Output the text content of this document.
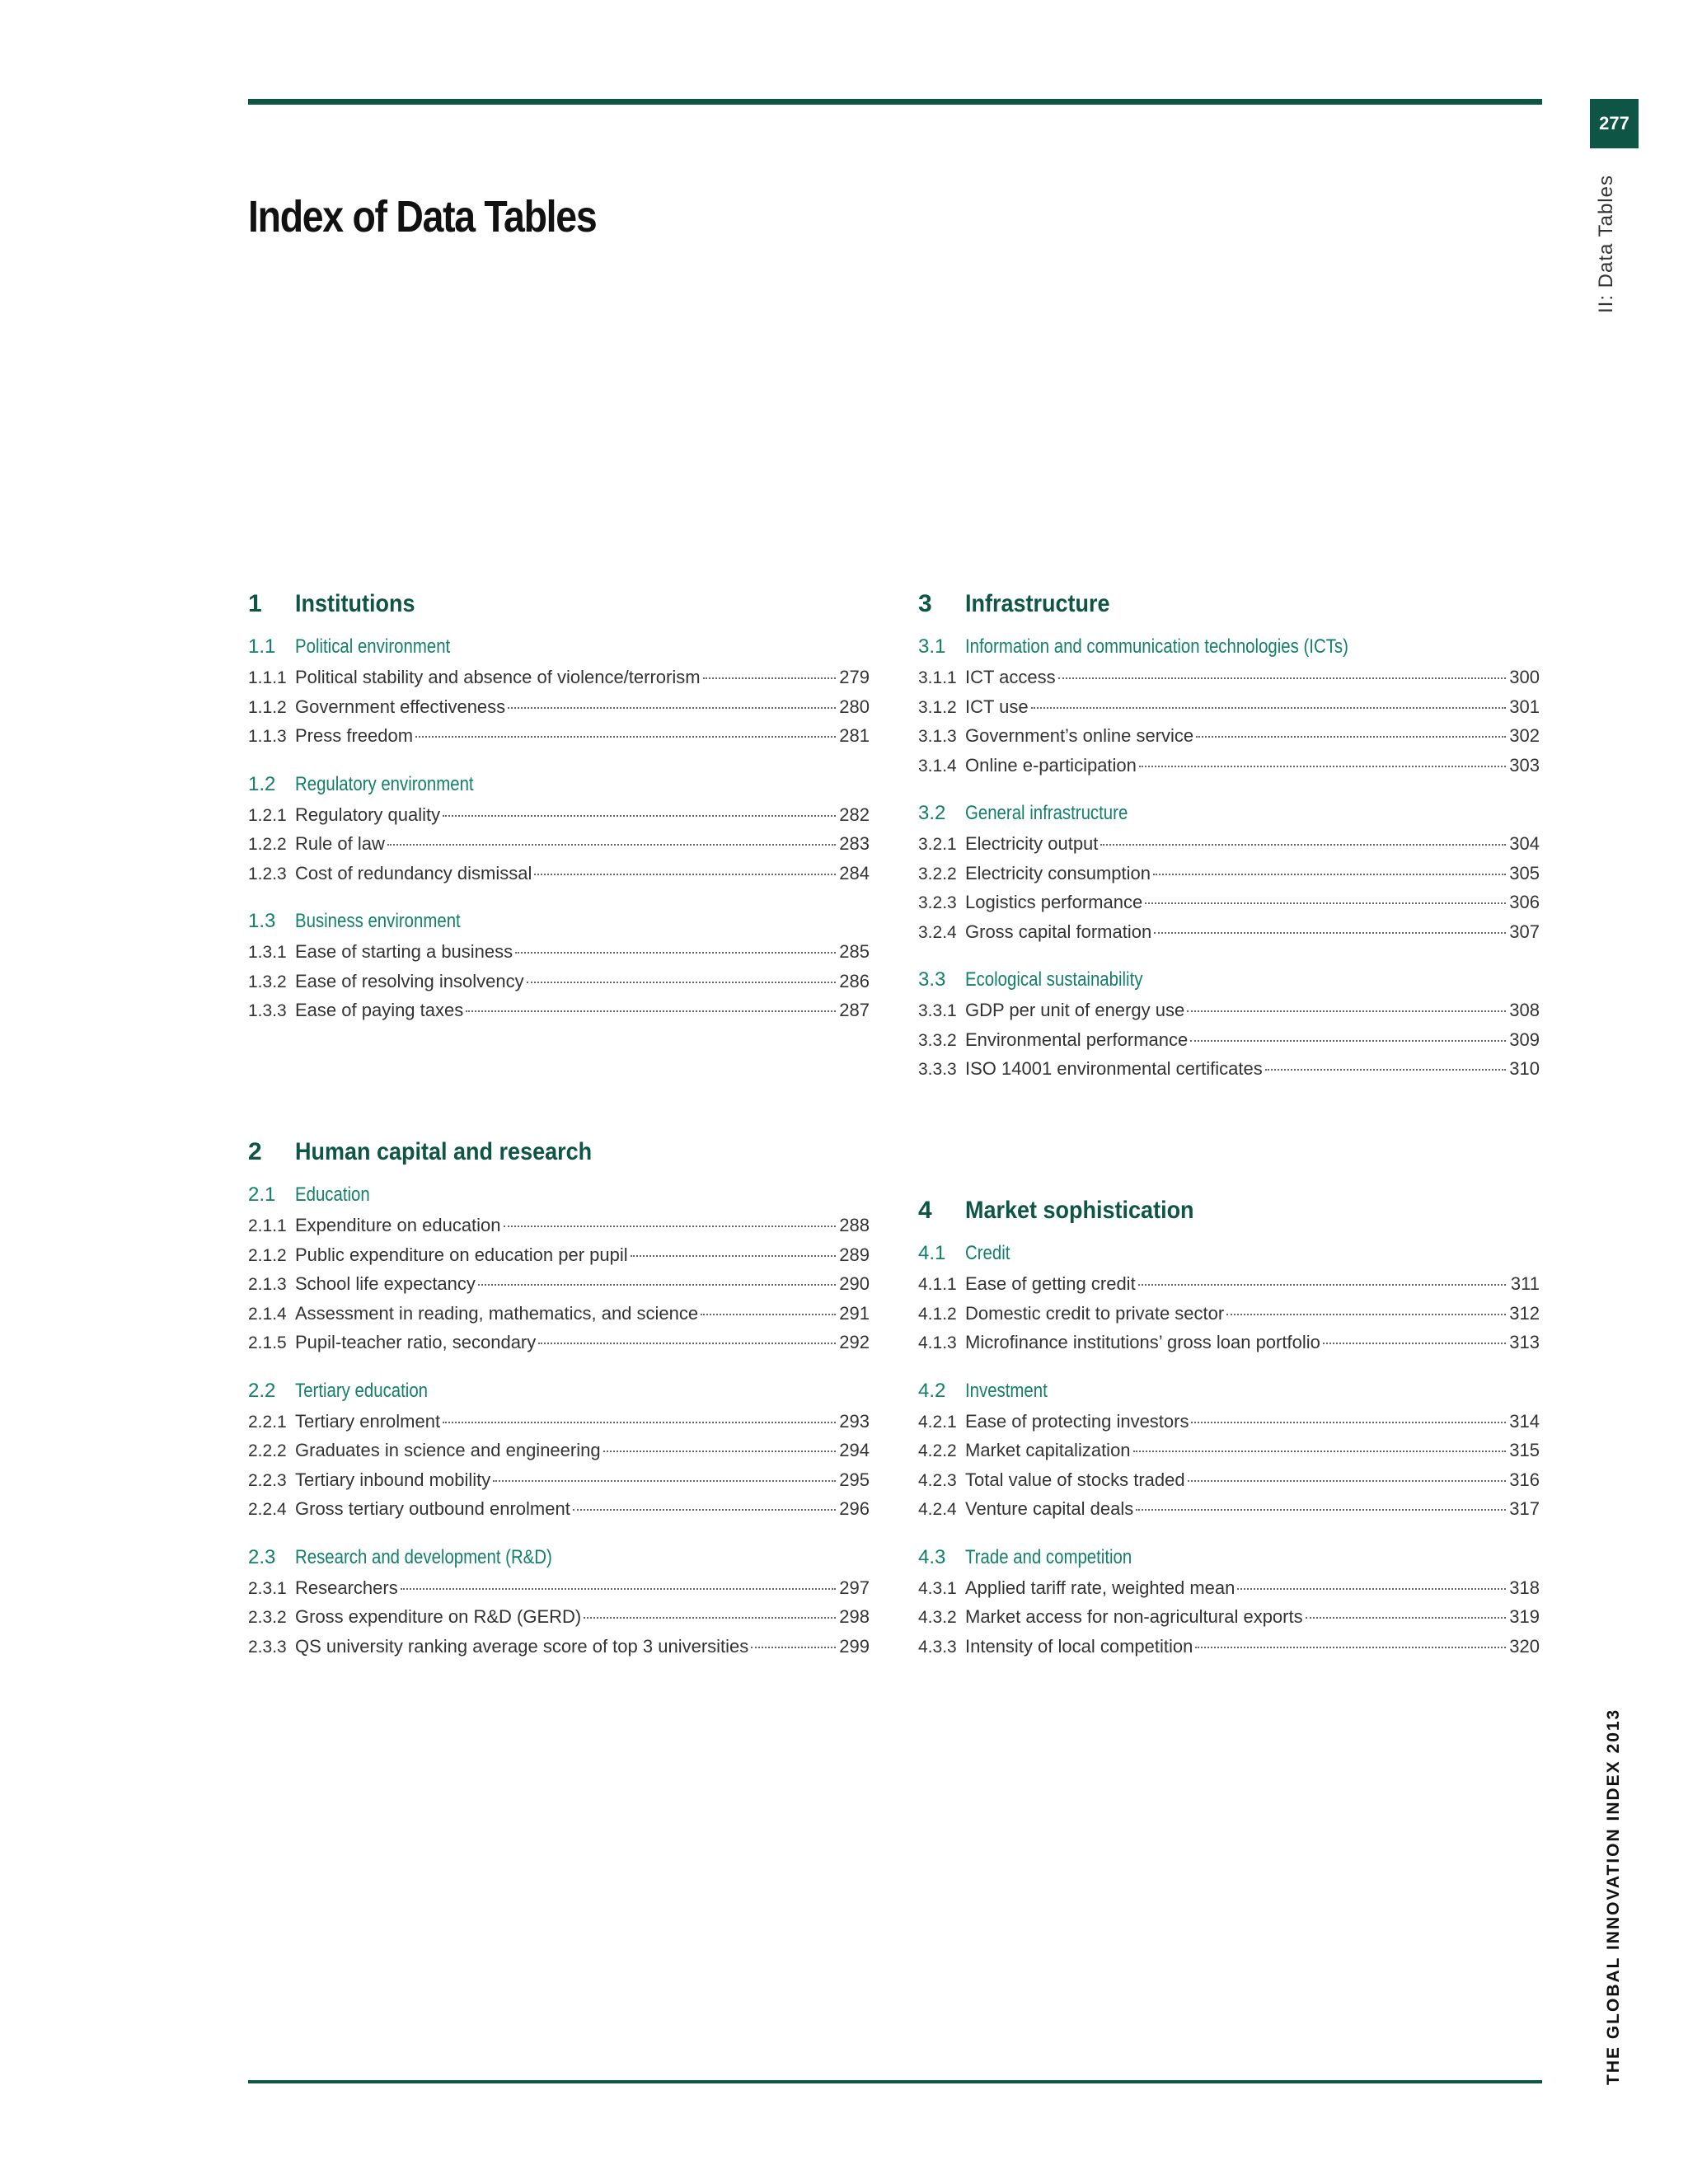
277
II: Data Tables
Index of Data Tables
1	Institutions
1.1 Political environment
1.1.1 Political stability and absence of violence/terrorism	279
1.1.2 Government effectiveness	280
1.1.3 Press freedom	281
1.2 Regulatory environment
1.2.1 Regulatory quality	282
1.2.2 Rule of law	283
1.2.3 Cost of redundancy dismissal	284
1.3 Business environment
1.3.1 Ease of starting a business	285
1.3.2 Ease of resolving insolvency	286
1.3.3 Ease of paying taxes	287
2	Human capital and research
2.1 Education
2.1.1 Expenditure on education	288
2.1.2 Public expenditure on education per pupil	289
2.1.3 School life expectancy	290
2.1.4 Assessment in reading, mathematics, and science	291
2.1.5 Pupil-teacher ratio, secondary	292
2.2 Tertiary education
2.2.1 Tertiary enrolment	293
2.2.2 Graduates in science and engineering	294
2.2.3 Tertiary inbound mobility	295
2.2.4 Gross tertiary outbound enrolment	296
2.3 Research and development (R&D)
2.3.1 Researchers	297
2.3.2 Gross expenditure on R&D (GERD)	298
2.3.3 QS university ranking average score of top 3 universities	299
3	Infrastructure
3.1 Information and communication technologies (ICTs)
3.1.1 ICT access	300
3.1.2 ICT use	301
3.1.3 Government’s online service	302
3.1.4 Online e-participation	303
3.2 General infrastructure
3.2.1 Electricity output	304
3.2.2 Electricity consumption	305
3.2.3 Logistics performance	306
3.2.4 Gross capital formation	307
3.3 Ecological sustainability
3.3.1 GDP per unit of energy use	308
3.3.2 Environmental performance	309
3.3.3 ISO 14001 environmental certificates	310
4	Market sophistication
4.1 Credit
4.1.1 Ease of getting credit	311
4.1.2 Domestic credit to private sector	312
4.1.3 Microfinance institutions’ gross loan portfolio	313
4.2 Investment
4.2.1 Ease of protecting investors	314
4.2.2 Market capitalization	315
4.2.3 Total value of stocks traded	316
4.2.4 Venture capital deals	317
4.3 Trade and competition
4.3.1 Applied tariff rate, weighted mean	318
4.3.2 Market access for non-agricultural exports	319
4.3.3 Intensity of local competition	320
THE GLOBAL INNOVATION INDEX 2013
